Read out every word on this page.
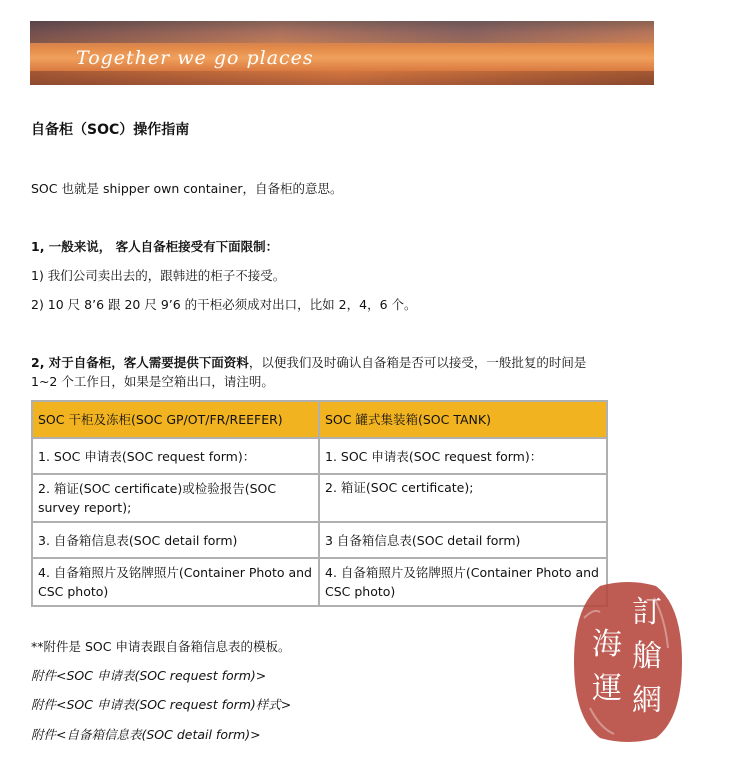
Together we go places
自备柜（SOC）操作指南
SOC 也就是 shipper own container，自备柜的意思。
1, 一般来说， 客人自备柜接受有下面限制：
1) 我们公司卖出去的，跟韩进的柜子不接受。
2) 10 尺 8’6 跟 20 尺 9’6 的干柜必须成对出口，比如 2，4，6 个。
2, 对于自备柜，客人需要提供下面资料，以便我们及时确认自备箱是否可以接受，一般批复的时间是
1~2 个工作日，如果是空箱出口，请注明。
SOC 干柜及冻柜(SOC GP/OT/FR/REEFER)	SOC 罐式集装箱(SOC TANK)
1. SOC 申请表(SOC request form)：	1. SOC 申请表(SOC request form)：
2. 箱证(SOC certificate)或检验报告(SOC survey report);	2. 箱证(SOC certificate);
3. 自备箱信息表(SOC detail form)	3 自备箱信息表(SOC detail form)
4. 自备箱照片及铭牌照片(Container Photo and CSC photo)	4. 自备箱照片及铭牌照片(Container Photo and CSC photo)
**附件是 SOC 申请表跟自备箱信息表的模板。
附件<SOC 申请表(SOC request form)>
附件<SOC 申请表(SOC request form)样式>
附件<自备箱信息表(SOC detail form)>
訂
艙
網
海
運
